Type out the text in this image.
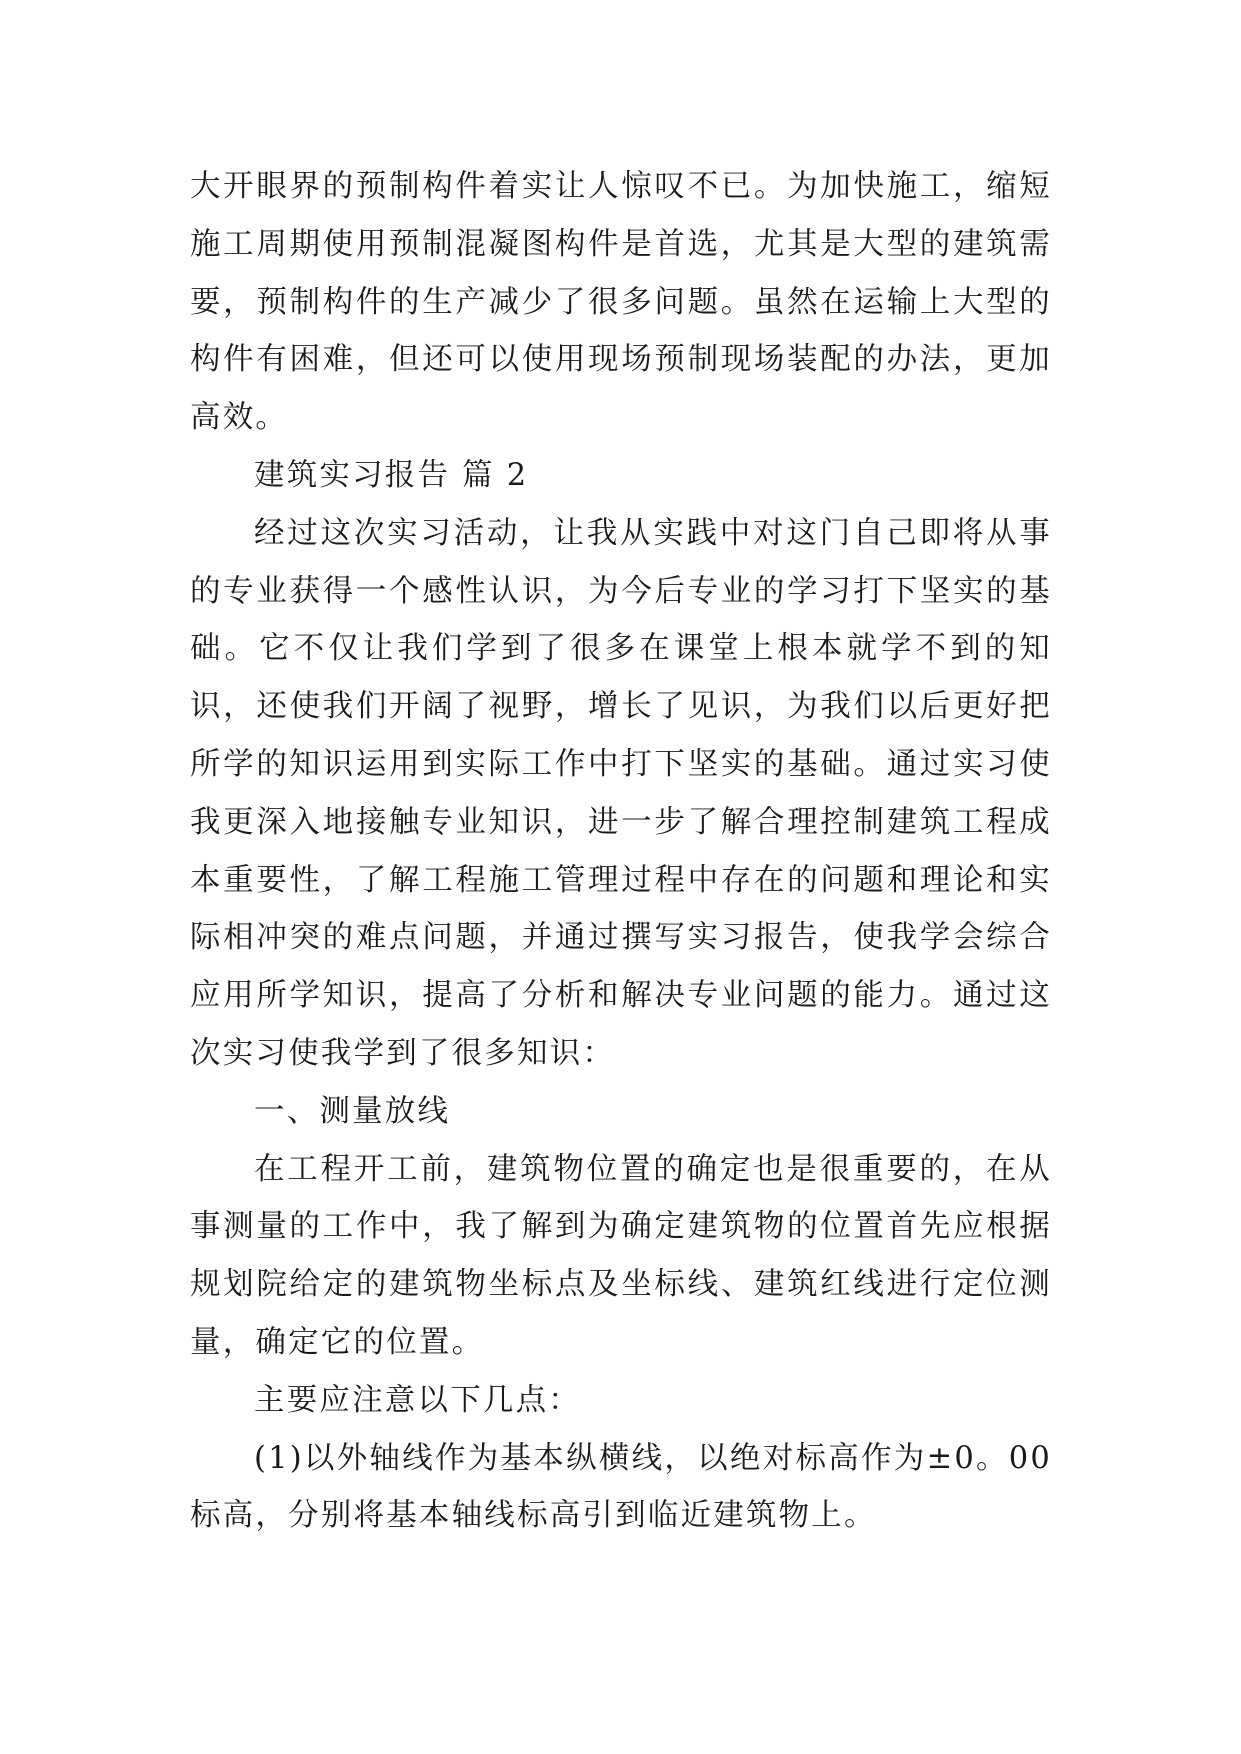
大开眼界的预制构件着实让人惊叹不已。为加快施工，缩短施工周期使用预制混凝图构件是首选，尤其是大型的建筑需要，预制构件的生产减少了很多问题。虽然在运输上大型的构件有困难，但还可以使用现场预制现场装配的办法，更加高效。

建筑实习报告 篇 2

经过这次实习活动，让我从实践中对这门自己即将从事的专业获得一个感性认识，为今后专业的学习打下坚实的基础。它不仅让我们学到了很多在课堂上根本就学不到的知识，还使我们开阔了视野，增长了见识，为我们以后更好把所学的知识运用到实际工作中打下坚实的基础。通过实习使我更深入地接触专业知识，进一步了解合理控制建筑工程成本重要性，了解工程施工管理过程中存在的问题和理论和实际相冲突的难点问题，并通过撰写实习报告，使我学会综合应用所学知识，提高了分析和解决专业问题的能力。通过这次实习使我学到了很多知识：

一、测量放线

在工程开工前，建筑物位置的确定也是很重要的，在从事测量的工作中，我了解到为确定建筑物的位置首先应根据规划院给定的建筑物坐标点及坐标线、建筑红线进行定位测量，确定它的位置。

主要应注意以下几点：

(1)以外轴线作为基本纵横线，以绝对标高作为±0。00标高，分别将基本轴线标高引到临近建筑物上。
